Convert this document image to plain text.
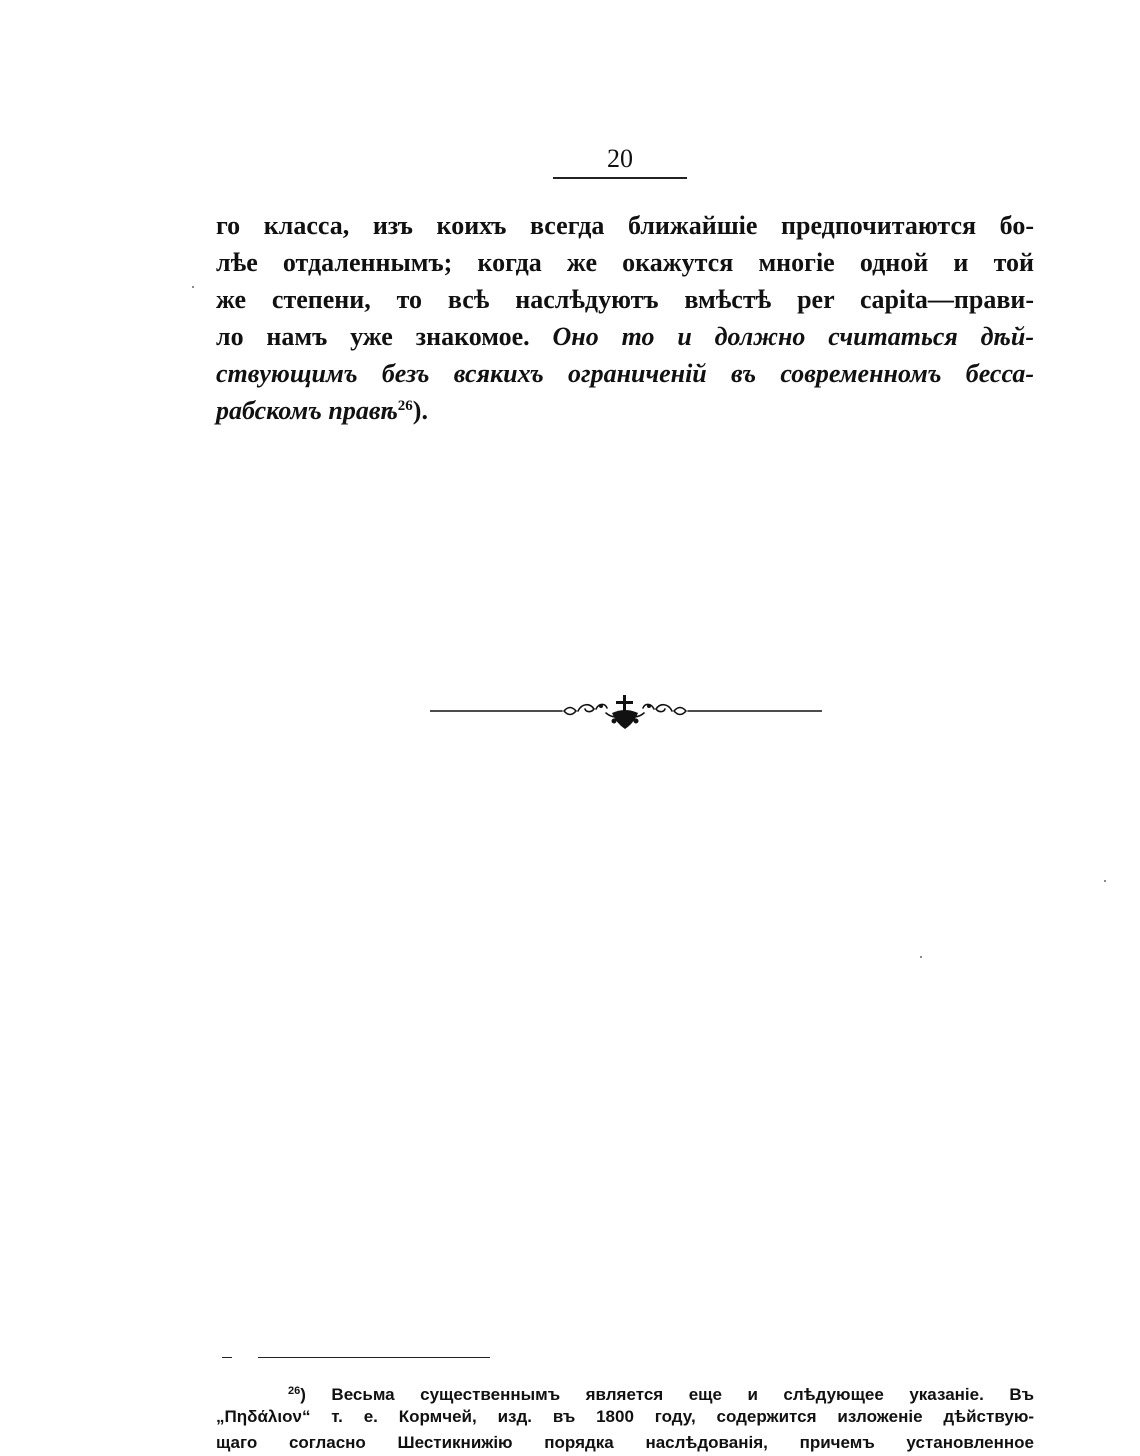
20
го класса, изъ коихъ всегда ближайшіе предпочитаются бо-
лѣе отдаленнымъ; когда же окажутся многіе одной и той
же степени, то всѣ наслѣдуютъ вмѣстѣ per capita—прави-
ло намъ уже знакомое. Оно то и должно считаться дѣй-
ствующимъ безъ всякихъ ограниченій въ современномъ бесса-
рабскомъ правѣ$^{26}$).
$^{26}$) Весьма существеннымъ является еще и слѣдующее указаніе. Въ
„Πηδάλιον“ т. е. Кормчей, изд. въ 1800 году, содержится изложеніе дѣйствую-
щаго согласно Шестикнижію порядка наслѣдованія, причемъ установленное
